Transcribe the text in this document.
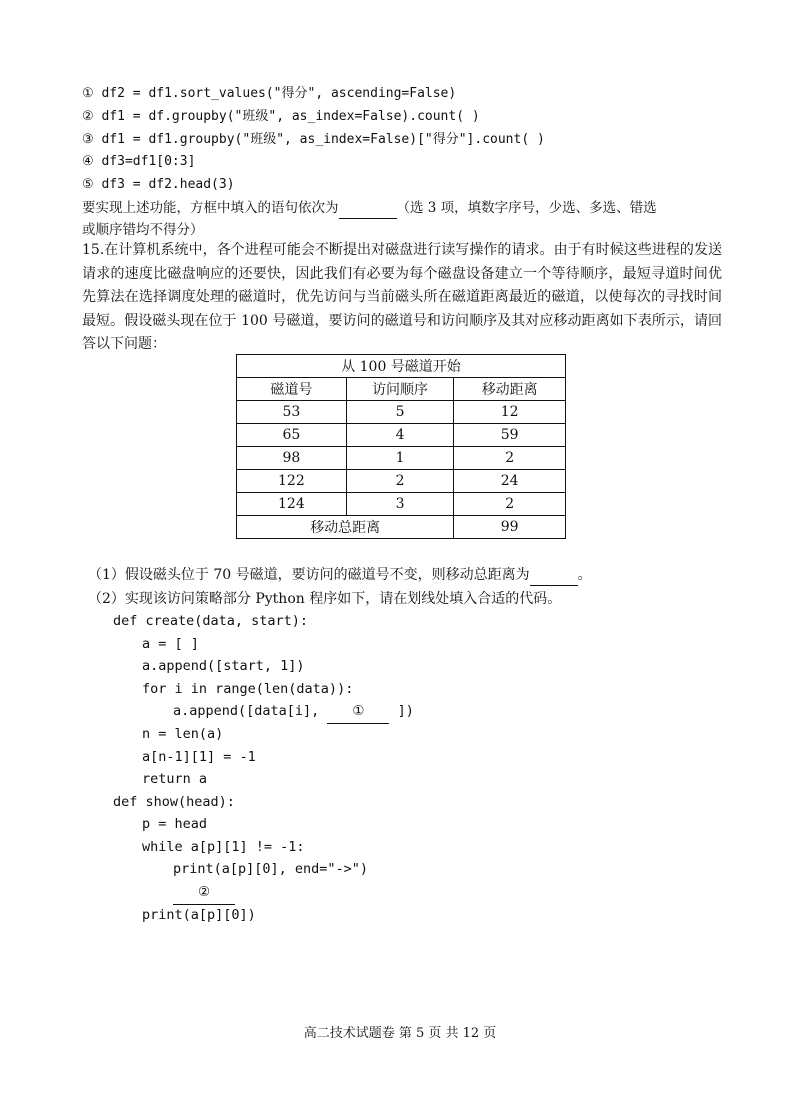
① df2 = df1.sort_values("得分", ascending=False)
② df1 = df.groupby("班级", as_index=False).count( )
③ df1 = df1.groupby("班级", as_index=False)["得分"].count( )
④ df3=df1[0:3]
⑤ df3 = df2.head(3)
要实现上述功能，方框中填入的语句依次为	（选 3 项，填数字序号，少选、多选、错选
或顺序错均不得分）
15.在计算机系统中，各个进程可能会不断提出对磁盘进行读写操作的请求。由于有时候这些进程的发送请求的速度比磁盘响应的还要快，因此我们有必要为每个磁盘设备建立一个等待顺序，最短寻道时间优先算法在选择调度处理的磁道时，优先访问与当前磁头所在磁道距离最近的磁道，以使每次的寻找时间最短。假设磁头现在位于 100 号磁道，要访问的磁道号和访问顺序及其对应移动距离如下表所示，请回答以下问题：
从 100 号磁道开始		
磁道号	访问顺序	移动距离
53	5	12
65	4	59
98	1	2
122	2	24
124	3	2
移动总距离		99
（1）假设磁头位于 70 号磁道，要访问的磁道号不变，则移动总距离为	。
（2）实现该访问策略部分 Python 程序如下，请在划线处填入合适的代码。
def create(data, start):
a = [ ]
a.append([start, 1])
for i in range(len(data)):
a.append([data[i], ① ])
n = len(a)
a[n-1][1] = -1
return a
def show(head):
p = head
while a[p][1] != -1:
print(a[p][0], end="->")
②
print(a[p][0])
高二技术试题卷 第 5 页 共 12 页
